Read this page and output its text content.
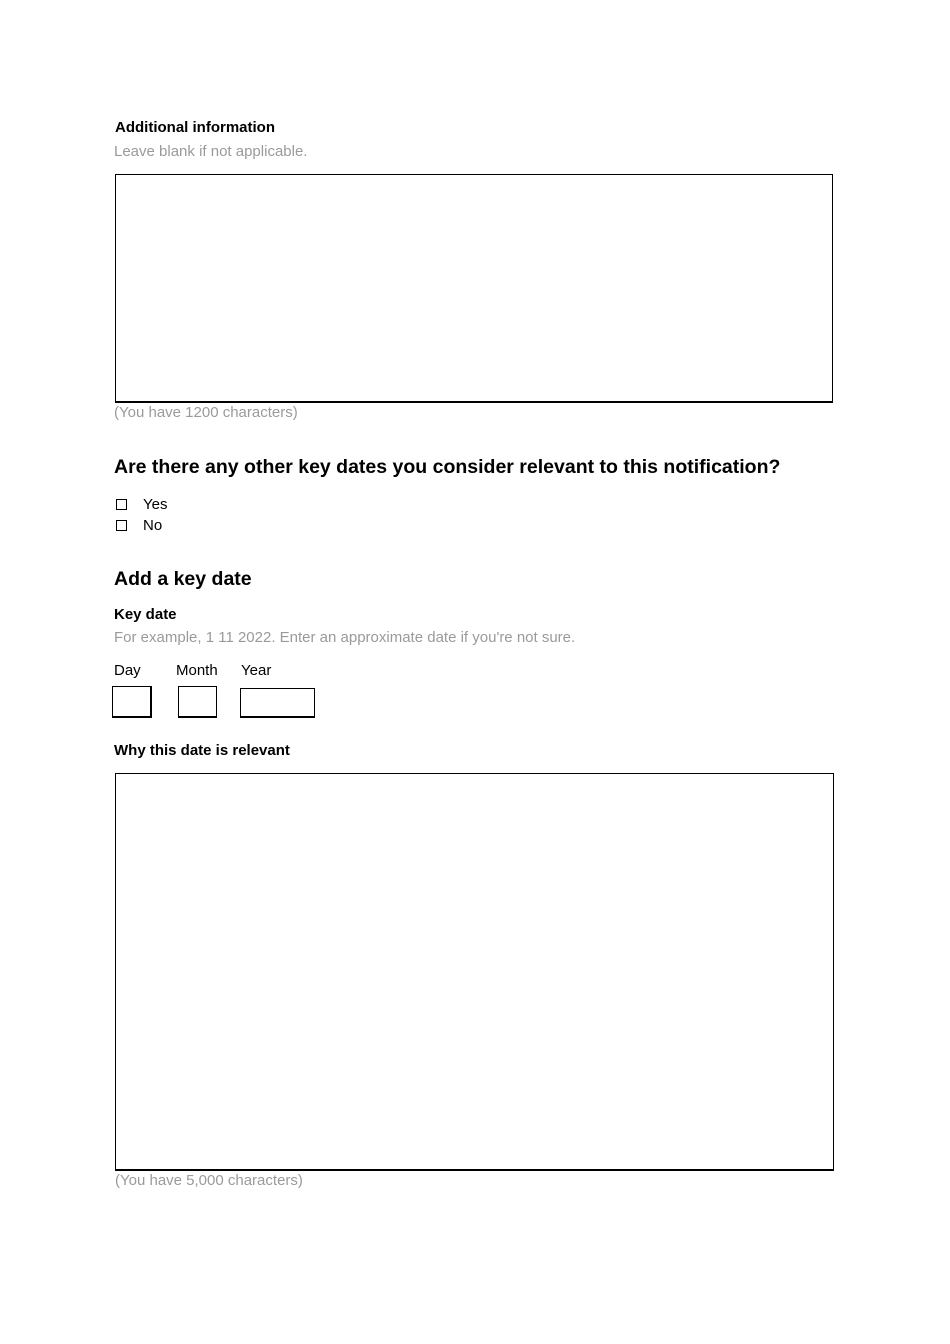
Additional information
Leave blank if not applicable.
(You have 1200 characters)
Are there any other key dates you consider relevant to this notification?
Yes
No
Add a key date
Key date
For example, 1 11 2022. Enter an approximate date if you're not sure.
Day Month Year
Why this date is relevant
(You have 5,000 characters)
